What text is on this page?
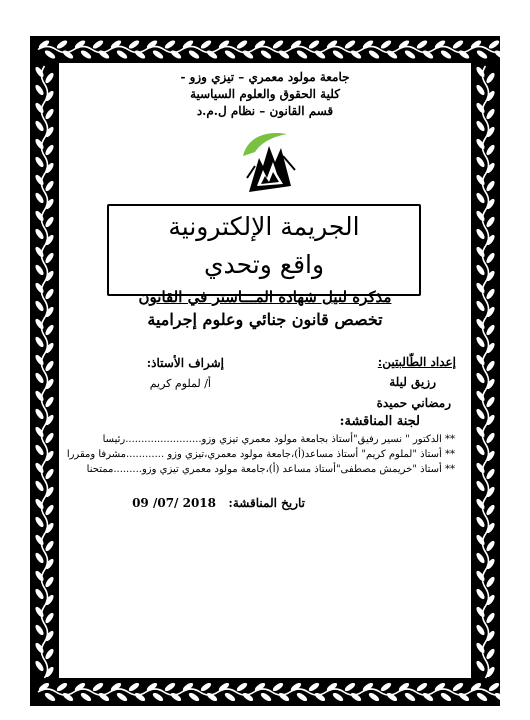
جامعة مولود معمري – تيزي وزو -
كلية الحقوق والعلوم السياسية
قسم القانون – نظام ل.م.د
الجريمة الإلكترونية
واقع وتحدي
مذكرة لنيل شهادة المـــاستر في القانون
تخصص قانون جنائي وعلوم إجرامية
إعداد الطّالبتين:
رزيق ليلة
رمضاني حميدة
إشراف الأستاذ:
أ/ لملوم كريم
لجنة المناقشة:
** الدكتور " نسير رفيق"أستاذ بجامعة مولود معمري تيزي وزو........................رئيسا
** أستاذ "لملوم كريم" أستاذ مساعد(أ)،جامعة مولود معمري،تيزي وزو ............مشرفا ومقررا
** أستاذ "خريمش مصطفى"أستاذ مساعد (أ)،جامعة مولود معمري تيزي وزو.........ممتحنا
تاريخ المناقشة:
09 /07/ 2018
